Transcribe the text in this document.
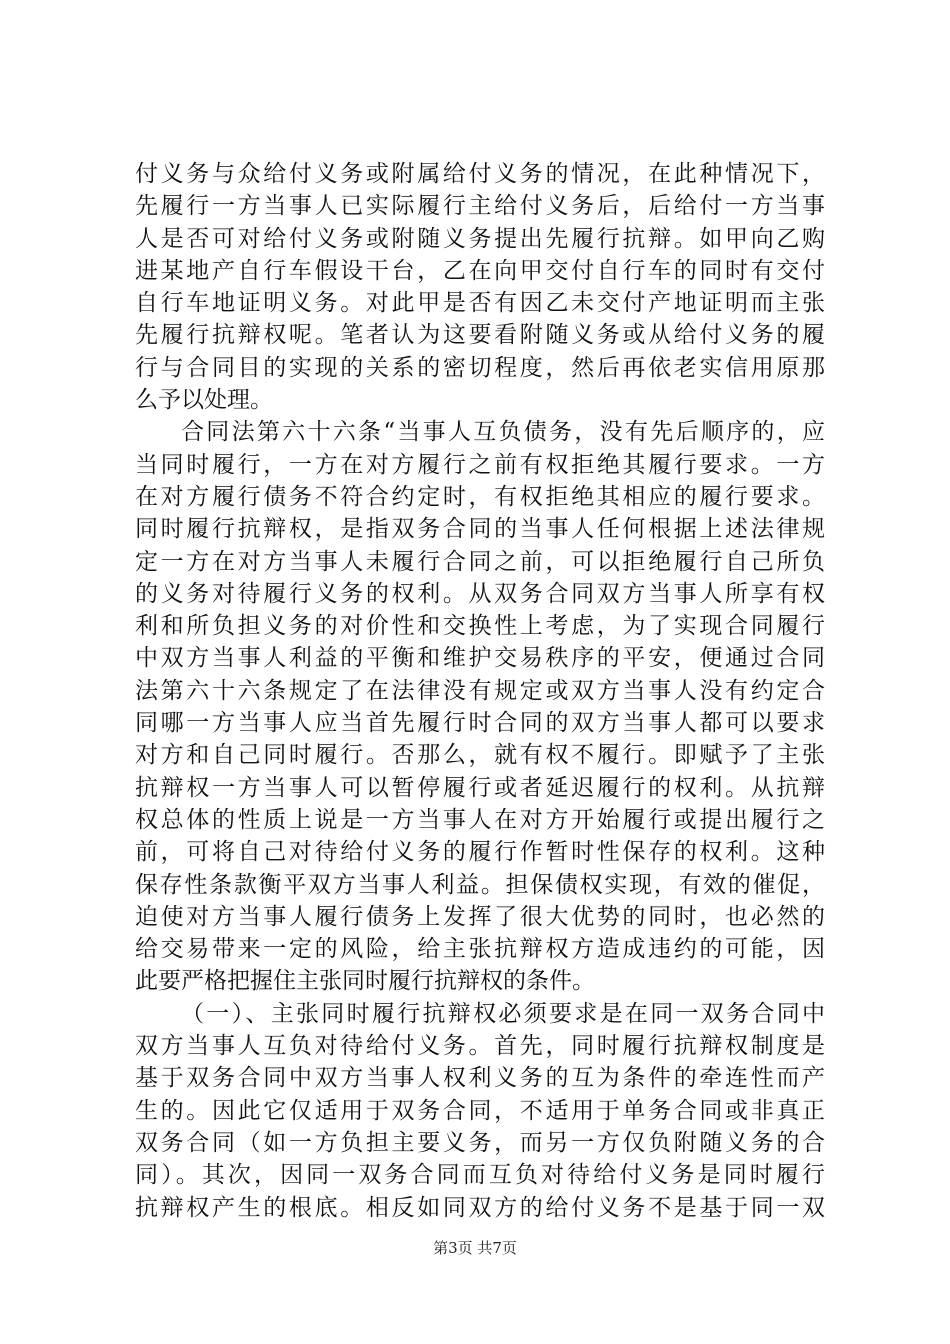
付义务与众给付义务或附属给付义务的情况，在此种情况下，
先履行一方当事人已实际履行主给付义务后，后给付一方当事
人是否可对给付义务或附随义务提出先履行抗辩。如甲向乙购
进某地产自行车假设干台，乙在向甲交付自行车的同时有交付
自行车地证明义务。对此甲是否有因乙未交付产地证明而主张
先履行抗辩权呢。笔者认为这要看附随义务或从给付义务的履
行与合同目的实现的关系的密切程度，然后再依老实信用原那
么予以处理。
合同法第六十六条“当事人互负债务，没有先后顺序的，应
当同时履行，一方在对方履行之前有权拒绝其履行要求。一方
在对方履行债务不符合约定时，有权拒绝其相应的履行要求。
同时履行抗辩权，是指双务合同的当事人任何根据上述法律规
定一方在对方当事人未履行合同之前，可以拒绝履行自己所负
的义务对待履行义务的权利。从双务合同双方当事人所享有权
利和所负担义务的对价性和交换性上考虑，为了实现合同履行
中双方当事人利益的平衡和维护交易秩序的平安，便通过合同
法第六十六条规定了在法律没有规定或双方当事人没有约定合
同哪一方当事人应当首先履行时合同的双方当事人都可以要求
对方和自己同时履行。否那么，就有权不履行。即赋予了主张
抗辩权一方当事人可以暂停履行或者延迟履行的权利。从抗辩
权总体的性质上说是一方当事人在对方开始履行或提出履行之
前，可将自己对待给付义务的履行作暂时性保存的权利。这种
保存性条款衡平双方当事人利益。担保债权实现，有效的催促，
迫使对方当事人履行债务上发挥了很大优势的同时，也必然的
给交易带来一定的风险，给主张抗辩权方造成违约的可能，因
此要严格把握住主张同时履行抗辩权的条件。
（一）、主张同时履行抗辩权必须要求是在同一双务合同中
双方当事人互负对待给付义务。首先，同时履行抗辩权制度是
基于双务合同中双方当事人权利义务的互为条件的牵连性而产
生的。因此它仅适用于双务合同，不适用于单务合同或非真正
双务合同（如一方负担主要义务，而另一方仅负附随义务的合
同）。其次，因同一双务合同而互负对待给付义务是同时履行
抗辩权产生的根底。相反如同双方的给付义务不是基于同一双
第3页 共7页
